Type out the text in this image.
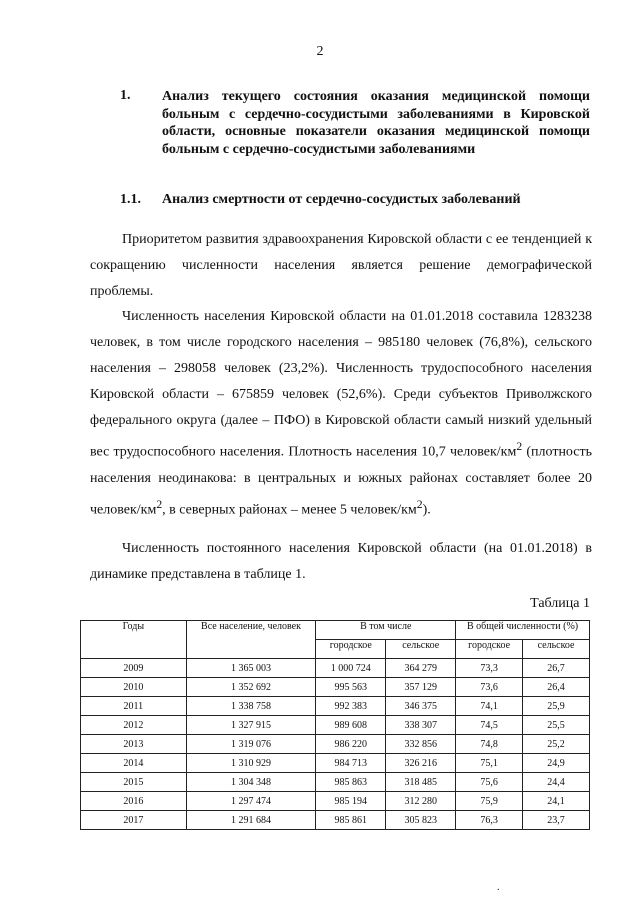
2
1. Анализ текущего состояния оказания медицинской помощи больным с сердечно-сосудистыми заболеваниями в Кировской области, основные показатели оказания медицинской помощи больным с сердечно-сосудистыми заболеваниями
1.1. Анализ смертности от сердечно-сосудистых заболеваний
Приоритетом развития здравоохранения Кировской области с ее тенденцией к сокращению численности населения является решение демографической проблемы.
Численность населения Кировской области на 01.01.2018 составила 1283238 человек, в том числе городского населения – 985180 человек (76,8%), сельского населения – 298058 человек (23,2%). Численность трудоспособного населения Кировской области – 675859 человек (52,6%). Среди субъектов Приволжского федерального округа (далее – ПФО) в Кировской области самый низкий удельный вес трудоспособного населения. Плотность населения 10,7 человек/$км^2$ (плотность населения неодинакова: в центральных и южных районах составляет более 20 человек/$км^2$, в северных районах – менее 5 человек/$км^2$).
Численность постоянного населения Кировской области (на 01.01.2018) в динамике представлена в таблице 1.
Таблица 1
Годы	Все население, человек	В том числе		В общей численности (%)	
		городское	сельское		
				городское	сельское
2009	1 365 003	1 000 724	364 279	73,3	26,7
2010	1 352 692	995 563	357 129	73,6	26,4
2011	1 338 758	992 383	346 375	74,1	25,9
2012	1 327 915	989 608	338 307	74,5	25,5
2013	1 319 076	986 220	332 856	74,8	25,2
2014	1 310 929	984 713	326 216	75,1	24,9
2015	1 304 348	985 863	318 485	75,6	24,4
2016	1 297 474	985 194	312 280	75,9	24,1
2017	1 291 684	985 861	305 823	76,3	23,7
.
